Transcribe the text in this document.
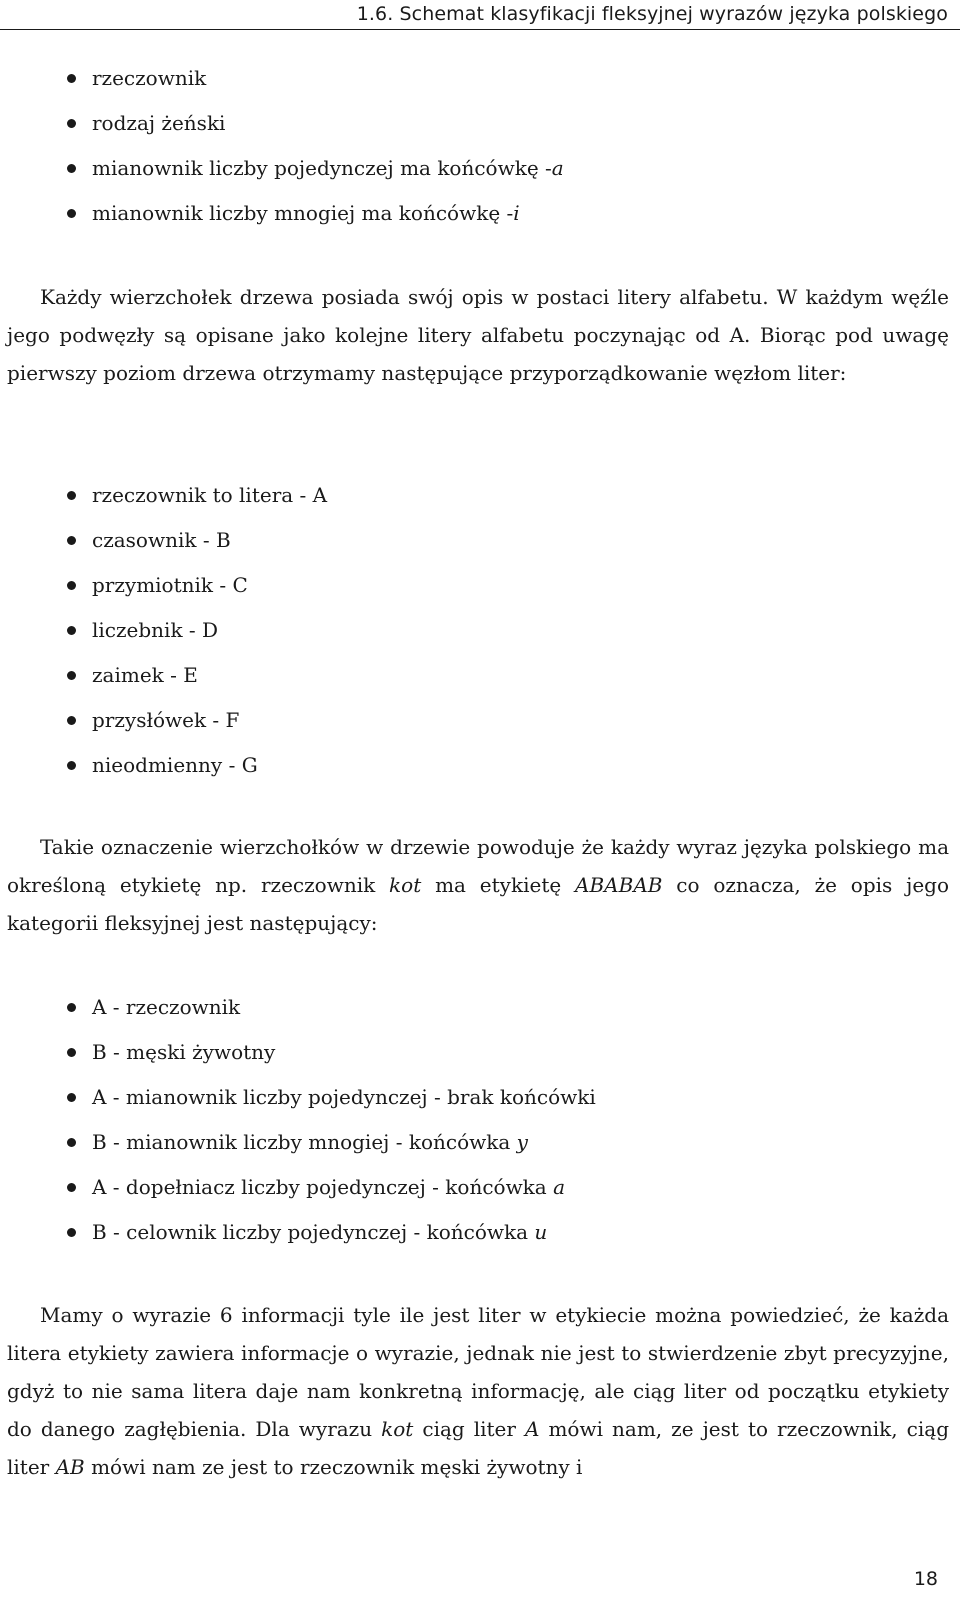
1.6. Schemat klasyfikacji fleksyjnej wyrazów języka polskiego
rzeczownik
rodzaj żeński
mianownik liczby pojedynczej ma końcówkę -a
mianownik liczby mnogiej ma końcówkę -i

Każdy wierzchołek drzewa posiada swój opis w postaci litery alfabetu. W każdym węźle jego podwęzły są opisane jako kolejne litery alfabetu poczynając od A. Biorąc pod uwagę pierwszy poziom drzewa otrzymamy następujące przyporządkowanie węzłom liter:

rzeczownik to litera - A
czasownik - B
przymiotnik - C
liczebnik - D
zaimek - E
przysłówek - F
nieodmienny - G

Takie oznaczenie wierzchołków w drzewie powoduje że każdy wyraz języka polskiego ma określoną etykietę np. rzeczownik kot ma etykietę ABABAB co oznacza, że opis jego kategorii fleksyjnej jest następujący:

A - rzeczownik
B - męski żywotny
A - mianownik liczby pojedynczej - brak końcówki
B - mianownik liczby mnogiej - końcówka y
A - dopełniacz liczby pojedynczej - końcówka a
B - celownik liczby pojedynczej - końcówka u

Mamy o wyrazie 6 informacji tyle ile jest liter w etykiecie można powiedzieć, że każda litera etykiety zawiera informacje o wyrazie, jednak nie jest to stwierdzenie zbyt precyzyjne, gdyż to nie sama litera daje nam konkretną informację, ale ciąg liter od początku etykiety do danego zagłębienia. Dla wyrazu kot ciąg liter A mówi nam, ze jest to rzeczownik, ciąg liter AB mówi nam ze jest to rzeczownik męski żywotny i

18
